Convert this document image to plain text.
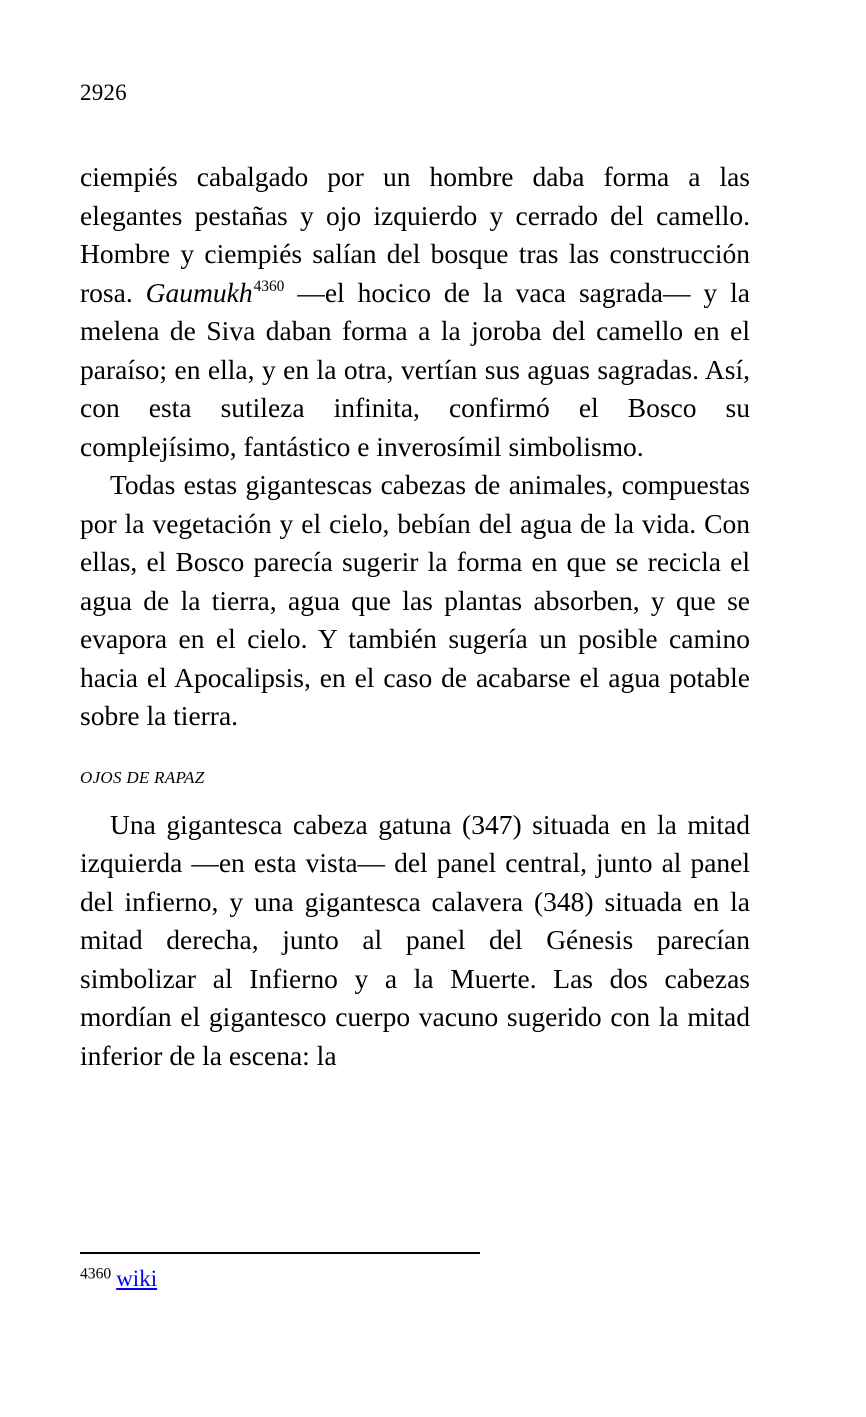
2926

ciempiés cabalgado por un hombre daba forma a las elegantes pestañas y ojo izquierdo y cerrado del camello. Hombre y ciempiés salían del bosque tras las construcción rosa. Gaumukh$^{4360}$ —el hocico de la vaca sagrada— y la melena de Siva daban forma a la joroba del camello en el paraíso; en ella, y en la otra, vertían sus aguas sagradas. Así, con esta sutileza infinita, confirmó el Bosco su complejísimo, fantástico e inverosímil simbolismo.

Todas estas gigantescas cabezas de animales, compuestas por la vegetación y el cielo, bebían del agua de la vida. Con ellas, el Bosco parecía sugerir la forma en que se recicla el agua de la tierra, agua que las plantas absorben, y que se evapora en el cielo. Y también sugería un posible camino hacia el Apocalipsis, en el caso de acabarse el agua potable sobre la tierra.

OJOS DE RAPAZ

Una gigantesca cabeza gatuna (347) situada en la mitad izquierda —en esta vista— del panel central, junto al panel del infierno, y una gigantesca calavera (348) situada en la mitad derecha, junto al panel del Génesis parecían simbolizar al Infierno y a la Muerte. Las dos cabezas mordían el gigantesco cuerpo vacuno sugerido con la mitad inferior de la escena: la

$^{4360}$ wiki
